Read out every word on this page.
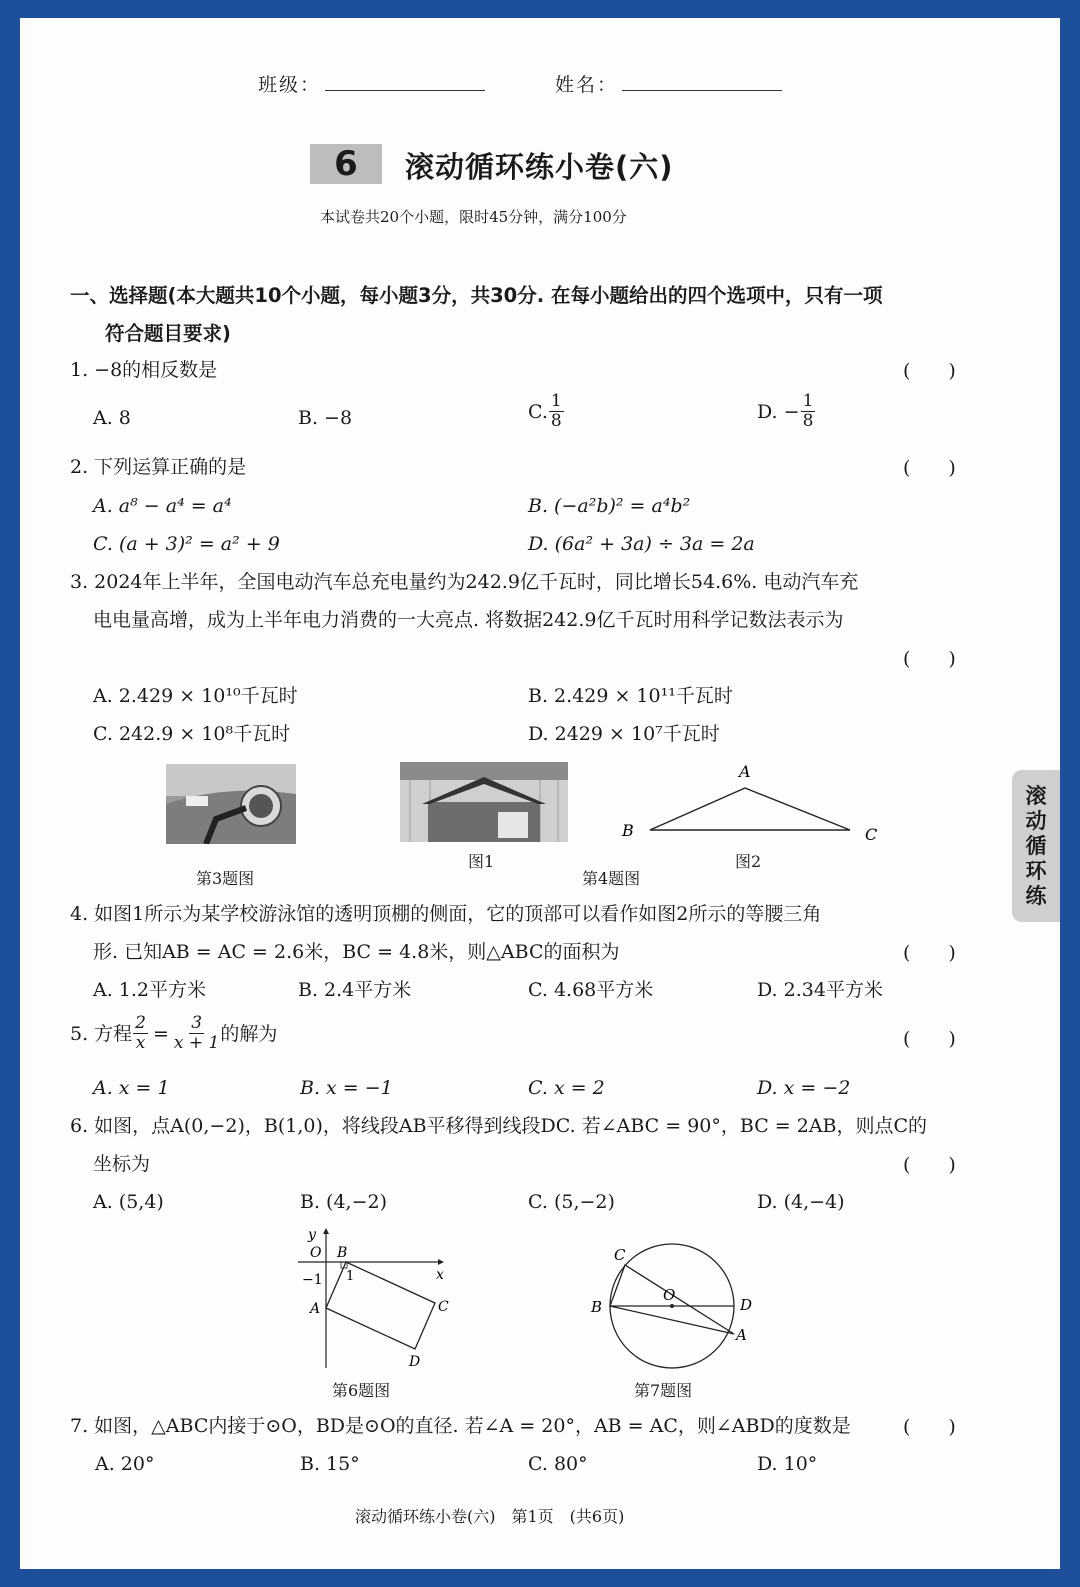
班级：	姓名：
6	滚动循环练小卷(六)
本试卷共20个小题，限时45分钟，满分100分
一、选择题(本大题共10个小题，每小题3分，共30分. 在每小题给出的四个选项中，只有一项
符合题目要求)
1. −8的相反数是	(　　)
A. 8	B. −8	C. $\frac{1}{8}$	D. − $\frac{1}{8}$
2. 下列运算正确的是	(　　)
A. a⁸ − a⁴ = a⁴	B. (−a²b)² = a⁴b²
C. (a + 3)² = a² + 9	D. (6a² + 3a) ÷ 3a = 2a
3. 2024年上半年，全国电动汽车总充电量约为242.9亿千瓦时，同比增长54.6%. 电动汽车充
电电量高增，成为上半年电力消费的一大亮点. 将数据242.9亿千瓦时用科学记数法表示为
(　　)
A. 2.429 × 10¹⁰千瓦时	B. 2.429 × 10¹¹千瓦时
C. 242.9 × 10⁸千瓦时	D. 2429 × 10⁷千瓦时
第3题图
图1
A
B	C
图2
第4题图
滚
动
循
环
练
4. 如图1所示为某学校游泳馆的透明顶棚的侧面，它的顶部可以看作如图2所示的等腰三角
形. 已知AB = AC = 2.6米，BC = 4.8米，则△ABC的面积为	(　　)
A. 1.2平方米	B. 2.4平方米	C. 4.68平方米	D. 2.34平方米
5. 方程 $\frac{2}{x} = \frac{3}{x + 1}$ 的解为	(　　)
A. x = 1	B. x = −1	C. x = 2	D. x = −2
6. 如图，点A(0,−2)，B(1,0)，将线段AB平移得到线段DC. 若∠ABC = 90°，BC = 2AB，则点C的
坐标为	(　　)
A. (5,4)	B. (4,−2)	C. (5,−2)	D. (4,−4)
y
x
O B
−1 1
A	C
D
第6题图
C
O
B	D
A
第7题图
7. 如图，△ABC内接于⊙O，BD是⊙O的直径. 若∠A = 20°，AB = AC，则∠ABD的度数是	(　　)
A. 20°	B. 15°	C. 80°	D. 10°
滚动循环练小卷(六)　第1页　(共6页)
